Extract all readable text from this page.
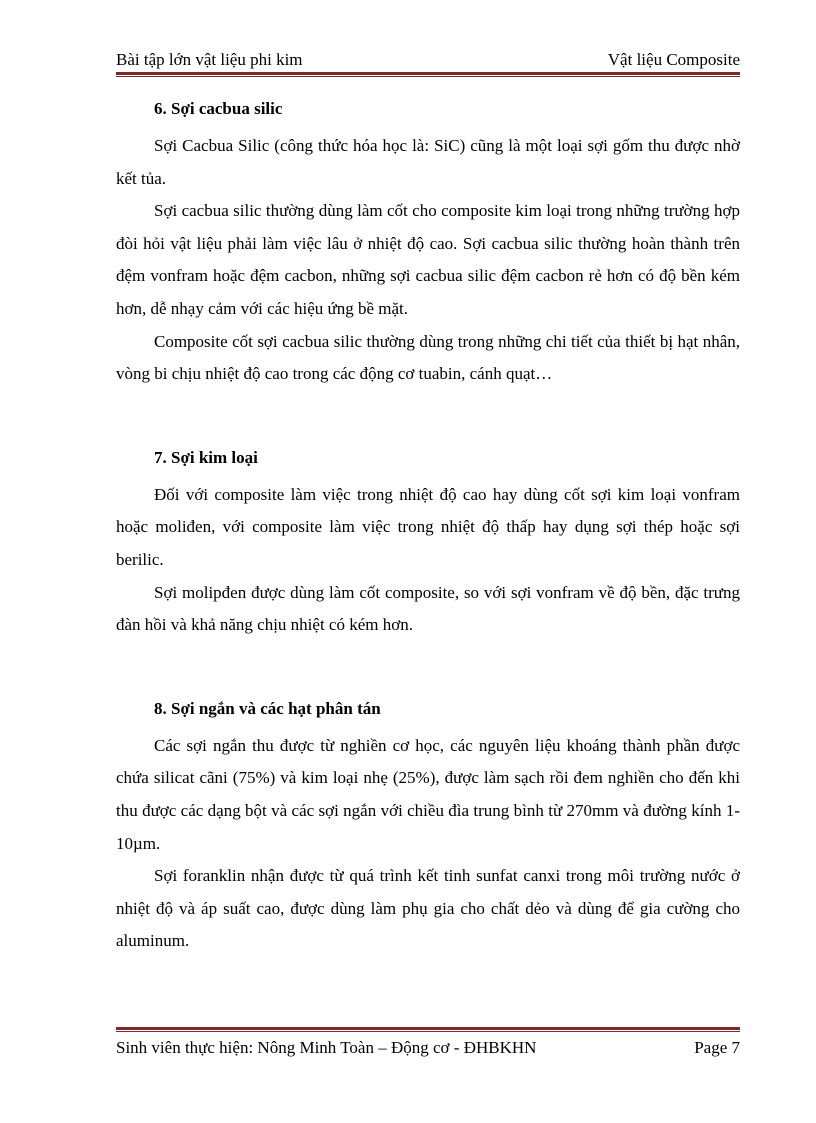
Bài tập lớn vật liệu phi kim	Vật liệu Composite
6. Sợi cacbua silic

Sợi Cacbua Silic (công thức hóa học là: SiC) cũng là một loại sợi gốm thu được nhờ kết tủa.

Sợi cacbua silic thường dùng làm cốt cho composite kim loại trong những trường hợp đòi hỏi vật liệu phải làm việc lâu ở nhiệt độ cao. Sợi cacbua silic thường hoàn thành trên đệm vonfram hoặc đệm cacbon, những sợi cacbua silic đệm cacbon rẻ hơn có độ bền kém hơn, dễ nhạy cảm với các hiệu ứng bề mặt.

Composite cốt sợi cacbua silic thường dùng trong những chi tiết của thiết bị hạt nhân, vòng bi chịu nhiệt độ cao trong các động cơ tuabin, cánh quạt…

7. Sợi kim loại

Đối với composite làm việc trong nhiệt độ cao hay dùng cốt sợi kim loại vonfram hoặc moliđen, với composite làm việc trong nhiệt độ thấp hay dụng sợi thép hoặc sợi berilic.

Sợi molipđen được dùng làm cốt composite, so với sợi vonfram về độ bền, đặc trưng đàn hồi và khả năng chịu nhiệt có kém hơn.

8. Sợi ngắn và các hạt phân tán

Các sợi ngắn thu được từ nghiền cơ học, các nguyên liệu khoáng thành phần được chứa silicat cãni (75%) và kim loại nhẹ (25%), được làm sạch rồi đem nghiền cho đến khi thu được các dạng bột và các sợi ngắn với chiều đìa trung bình từ 270mm và đường kính 1-10µm.

Sợi foranklin nhận được từ quá trình kết tinh sunfat canxi trong môi trường nước ở nhiệt độ và áp suất cao, được dùng làm phụ gia cho chất dẻo và dùng để gia cường cho aluminum.

Sinh viên thực hiện: Nông Minh Toàn – Động cơ - ĐHBKHN	Page 7
